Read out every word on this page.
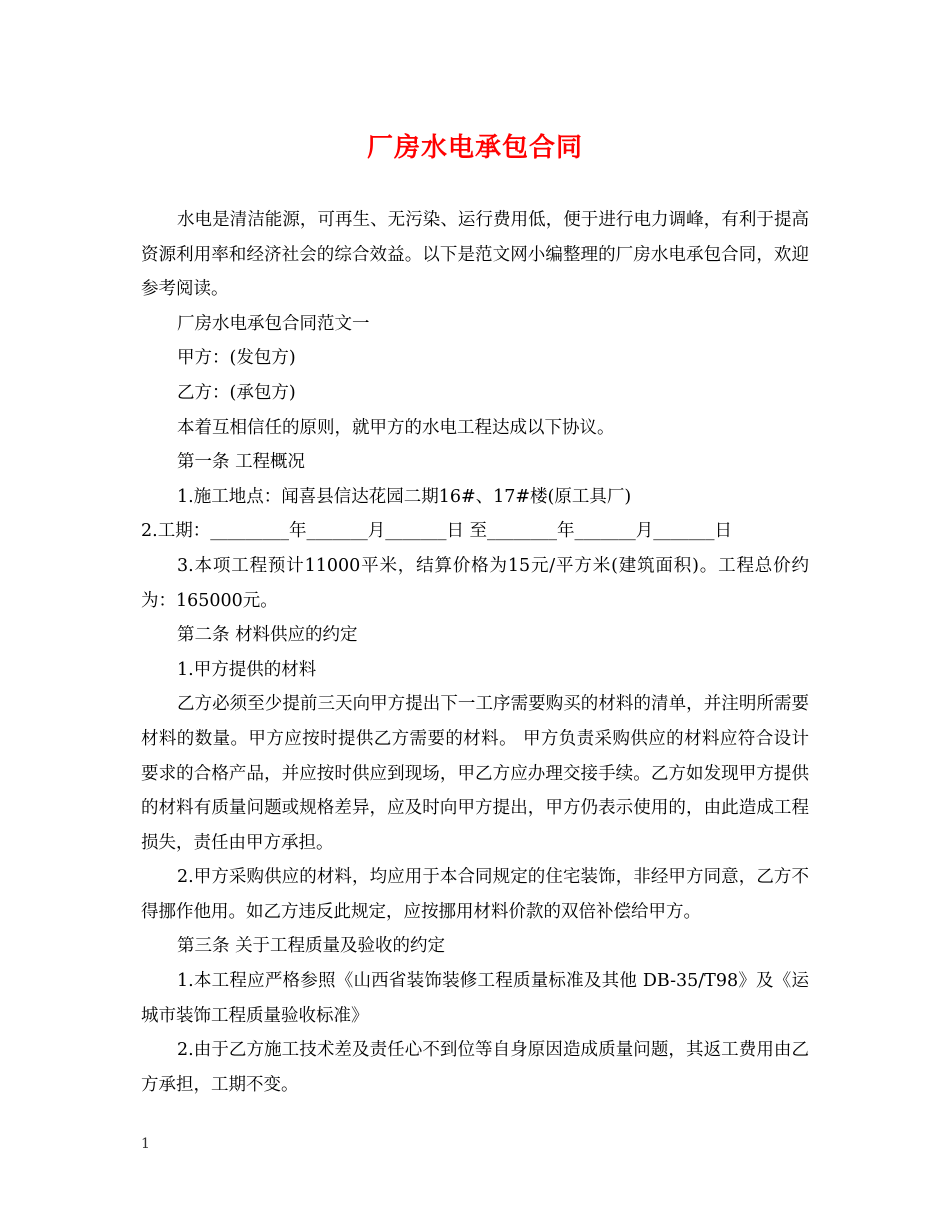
厂房水电承包合同

水电是清洁能源，可再生、无污染、运行费用低，便于进行电力调峰，有利于提高资源利用率和经济社会的综合效益。以下是范文网小编整理的厂房水电承包合同，欢迎参考阅读。

厂房水电承包合同范文一

甲方：(发包方)

乙方：(承包方)

本着互相信任的原则，就甲方的水电工程达成以下协议。

第一条 工程概况

1.施工地点：闻喜县信达花园二期16#、17#楼(原工具厂)

2.工期：_________年_______月_______日 至________年_______月_______日

3.本项工程预计11000平米，结算价格为15元/平方米(建筑面积)。工程总价约为：165000元。

第二条 材料供应的约定

1.甲方提供的材料

乙方必须至少提前三天向甲方提出下一工序需要购买的材料的清单，并注明所需要材料的数量。甲方应按时提供乙方需要的材料。 甲方负责采购供应的材料应符合设计要求的合格产品，并应按时供应到现场，甲乙方应办理交接手续。乙方如发现甲方提供的材料有质量问题或规格差异，应及时向甲方提出，甲方仍表示使用的，由此造成工程损失，责任由甲方承担。

2.甲方采购供应的材料，均应用于本合同规定的住宅装饰，非经甲方同意，乙方不得挪作他用。如乙方违反此规定，应按挪用材料价款的双倍补偿给甲方。

第三条 关于工程质量及验收的约定

1.本工程应严格参照《山西省装饰装修工程质量标准及其他 DB-35/T98》及《运城市装饰工程质量验收标准》

2.由于乙方施工技术差及责任心不到位等自身原因造成质量问题，其返工费用由乙方承担，工期不变。

1
